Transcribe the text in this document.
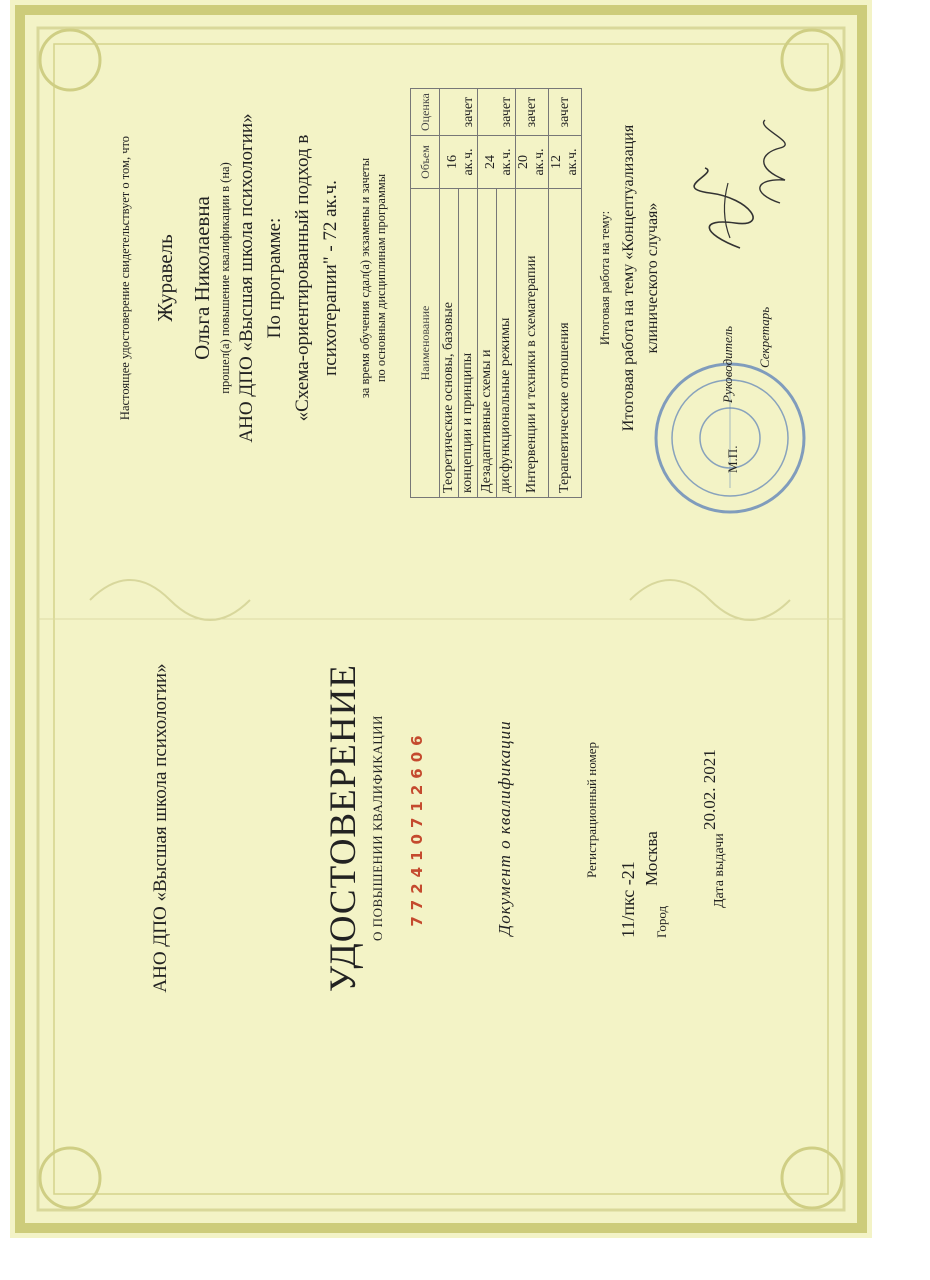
АНО ДПО «Высшая школа психологии»	УДОСТОВЕРЕНИЕ О ПОВЫШЕНИИ КВАЛИФИКАЦИИ 772410712606	Документ о квалификации	Регистрационный номер
11/пкс -21 Город
Москва	Дата выдачи
20.02. 2021
Настоящее удостоверение свидетельствует о том, что Журавель Ольга Николаевна прошел(а) повышение квалификации в (на) АНО ДПО «Высшая школа психологии» По программе: «Схема-ориентированный подход в психотерапии" - 72 ак.ч. за время обучения сдал(а) экзамены и зачеты по основным дисциплинам программы Наименование	Объем	Оценка
Теоретические основы, базовые	16 ак.ч.	зачет
концепции и принципы		
Дезадаптивные схемы и	24 ак.ч.	зачет
дисфункциональные режимы		
Интервенции и техники в схематерапии	20 ак.ч.	зачет
Терапевтические отношения	12 ак.ч.	зачет
Итоговая работа на тему: Итоговая работа на тему «Концептуализация клинического случая»
М.П.
Руководитель Секретарь
